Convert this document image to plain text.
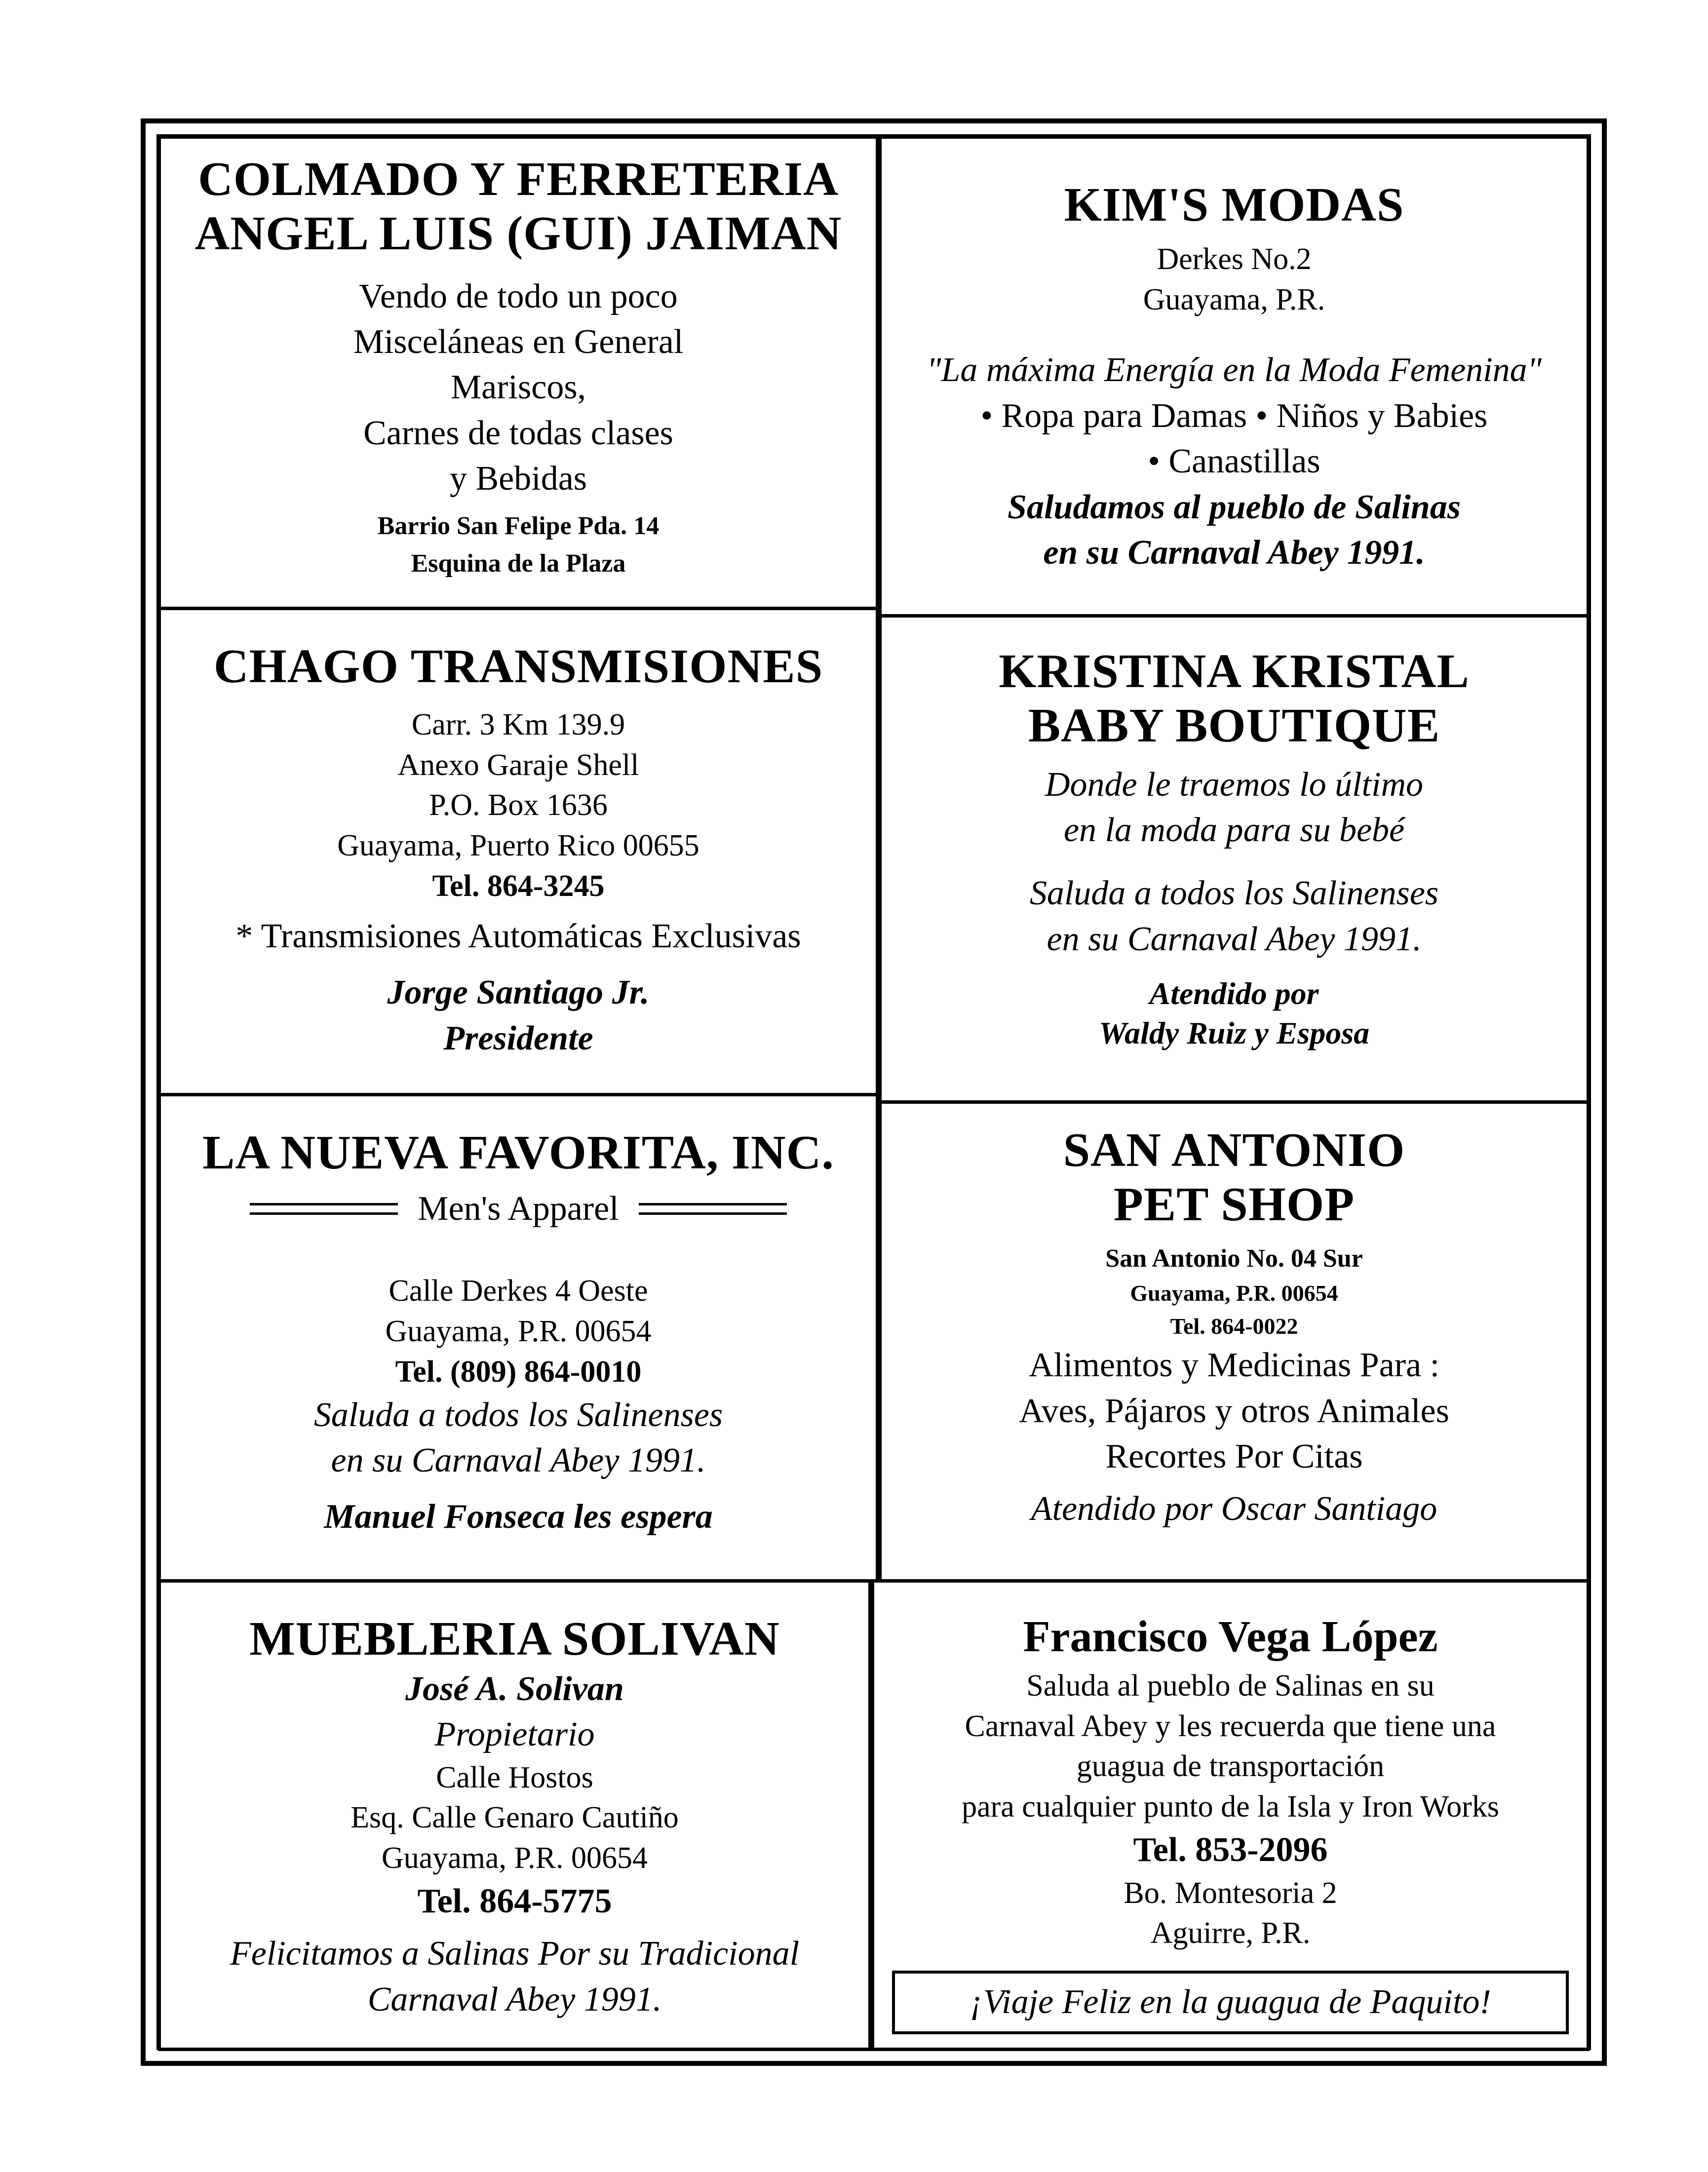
COLMADO Y FERRETERIA

ANGEL LUIS (GUI) JAIMAN

Vendo de todo un poco

Misceláneas en General

Mariscos,

Carnes de todas clases

y Bebidas

Barrio San Felipe Pda. 14

Esquina de la Plaza

KIM'S MODAS

Derkes No.2

Guayama, P.R.

"La máxima Energía en la Moda Femenina"

• Ropa para Damas • Niños y Babies

• Canastillas

Saludamos al pueblo de Salinas

en su Carnaval Abey 1991.

CHAGO TRANSMISIONES

Carr. 3 Km 139.9

Anexo Garaje Shell

P.O. Box 1636

Guayama, Puerto Rico 00655

Tel. 864-3245

* Transmisiones Automáticas Exclusivas

Jorge Santiago Jr.

Presidente

KRISTINA KRISTAL

BABY BOUTIQUE

Donde le traemos lo último

en la moda para su bebé

Saluda a todos los Salinenses

en su Carnaval Abey 1991.

Atendido por

Waldy Ruiz y Esposa

LA NUEVA FAVORITA, INC.

Men's Apparel

Calle Derkes 4 Oeste

Guayama, P.R. 00654

Tel. (809) 864-0010

Saluda a todos los Salinenses

en su Carnaval Abey 1991.

Manuel Fonseca les espera

SAN ANTONIO

PET SHOP

San Antonio No. 04 Sur

Guayama, P.R. 00654

Tel. 864-0022

Alimentos y Medicinas Para :

Aves, Pájaros y otros Animales

Recortes Por Citas

Atendido por Oscar Santiago

MUEBLERIA SOLIVAN

José A. Solivan

Propietario

Calle Hostos

Esq. Calle Genaro Cautiño

Guayama, P.R. 00654

Tel. 864-5775

Felicitamos a Salinas Por su Tradicional

Carnaval Abey 1991.

Francisco Vega López

Saluda al pueblo de Salinas en su

Carnaval Abey y les recuerda que tiene una

guagua de transportación

para cualquier punto de la Isla y Iron Works

Tel. 853-2096

Bo. Montesoria 2

Aguirre, P.R.

¡Viaje Feliz en la guagua de Paquito!
